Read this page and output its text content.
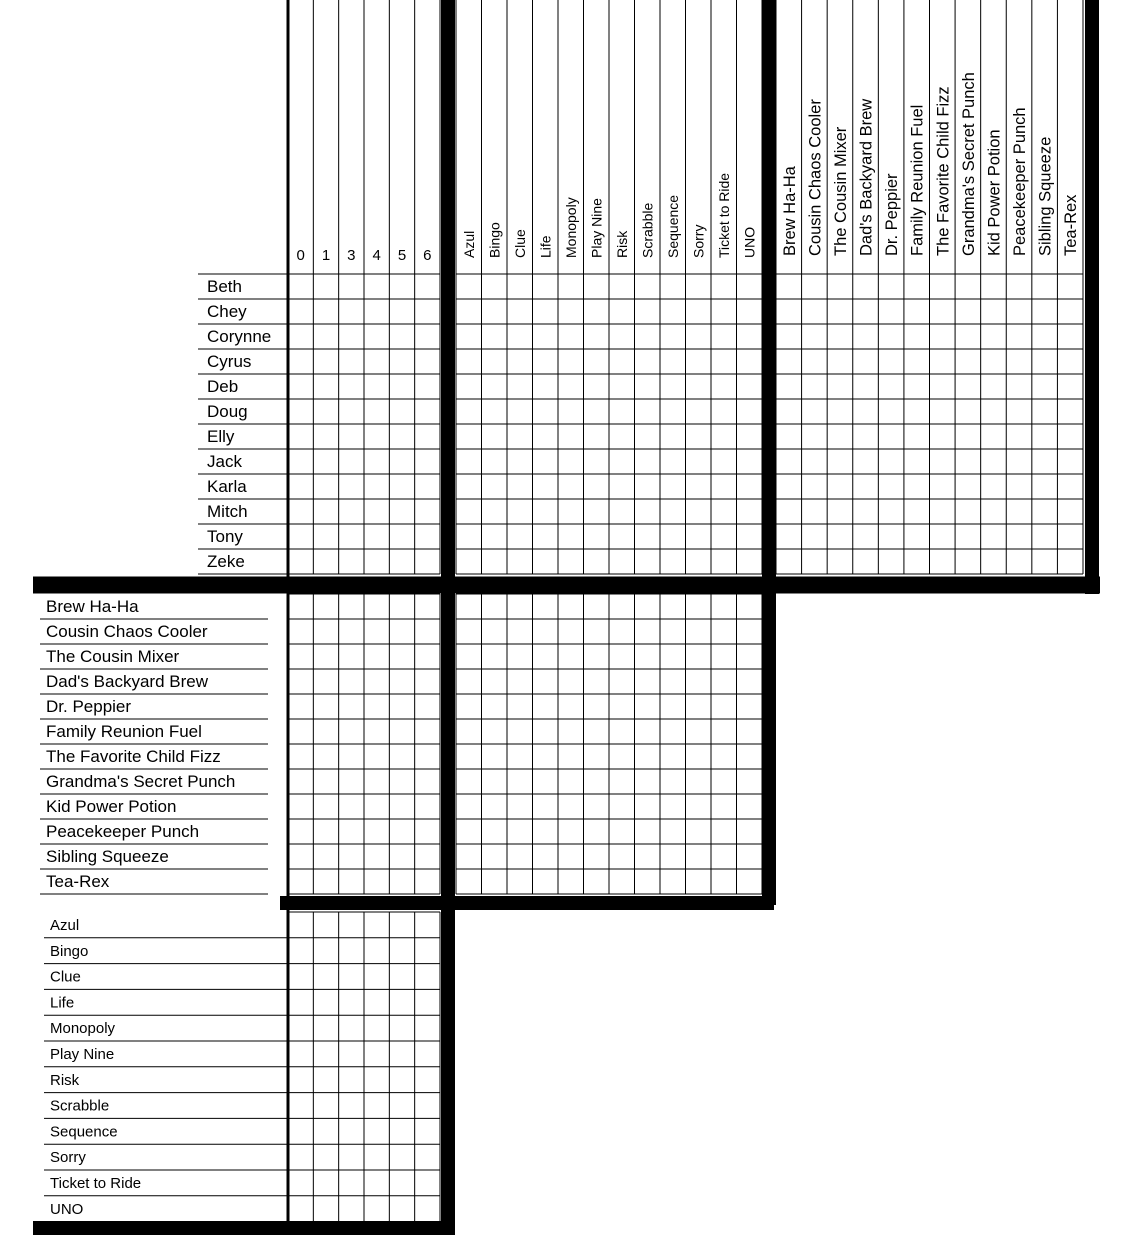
0 1 3 4 5 6 Azul Bingo Clue Life Monopoly Play Nine Risk Scrabble Sequence Sorry Ticket to Ride UNO Brew Ha-Ha Cousin Chaos Cooler The Cousin Mixer Dad's Backyard Brew Dr. Peppier Family Reunion Fuel The Favorite Child Fizz Grandma's Secret Punch Kid Power Potion Peacekeeper Punch Sibling Squeeze Tea-Rex
Beth
Chey
Corynne
Cyrus
Deb
Doug
Elly
Jack
Karla
Mitch
Tony
Zeke
Brew Ha-Ha
Cousin Chaos Cooler
The Cousin Mixer
Dad's Backyard Brew
Dr. Peppier
Family Reunion Fuel
The Favorite Child Fizz
Grandma's Secret Punch
Kid Power Potion
Peacekeeper Punch
Sibling Squeeze
Tea-Rex
Azul
Bingo
Clue
Life
Monopoly
Play Nine
Risk
Scrabble
Sequence
Sorry
Ticket to Ride
UNO
